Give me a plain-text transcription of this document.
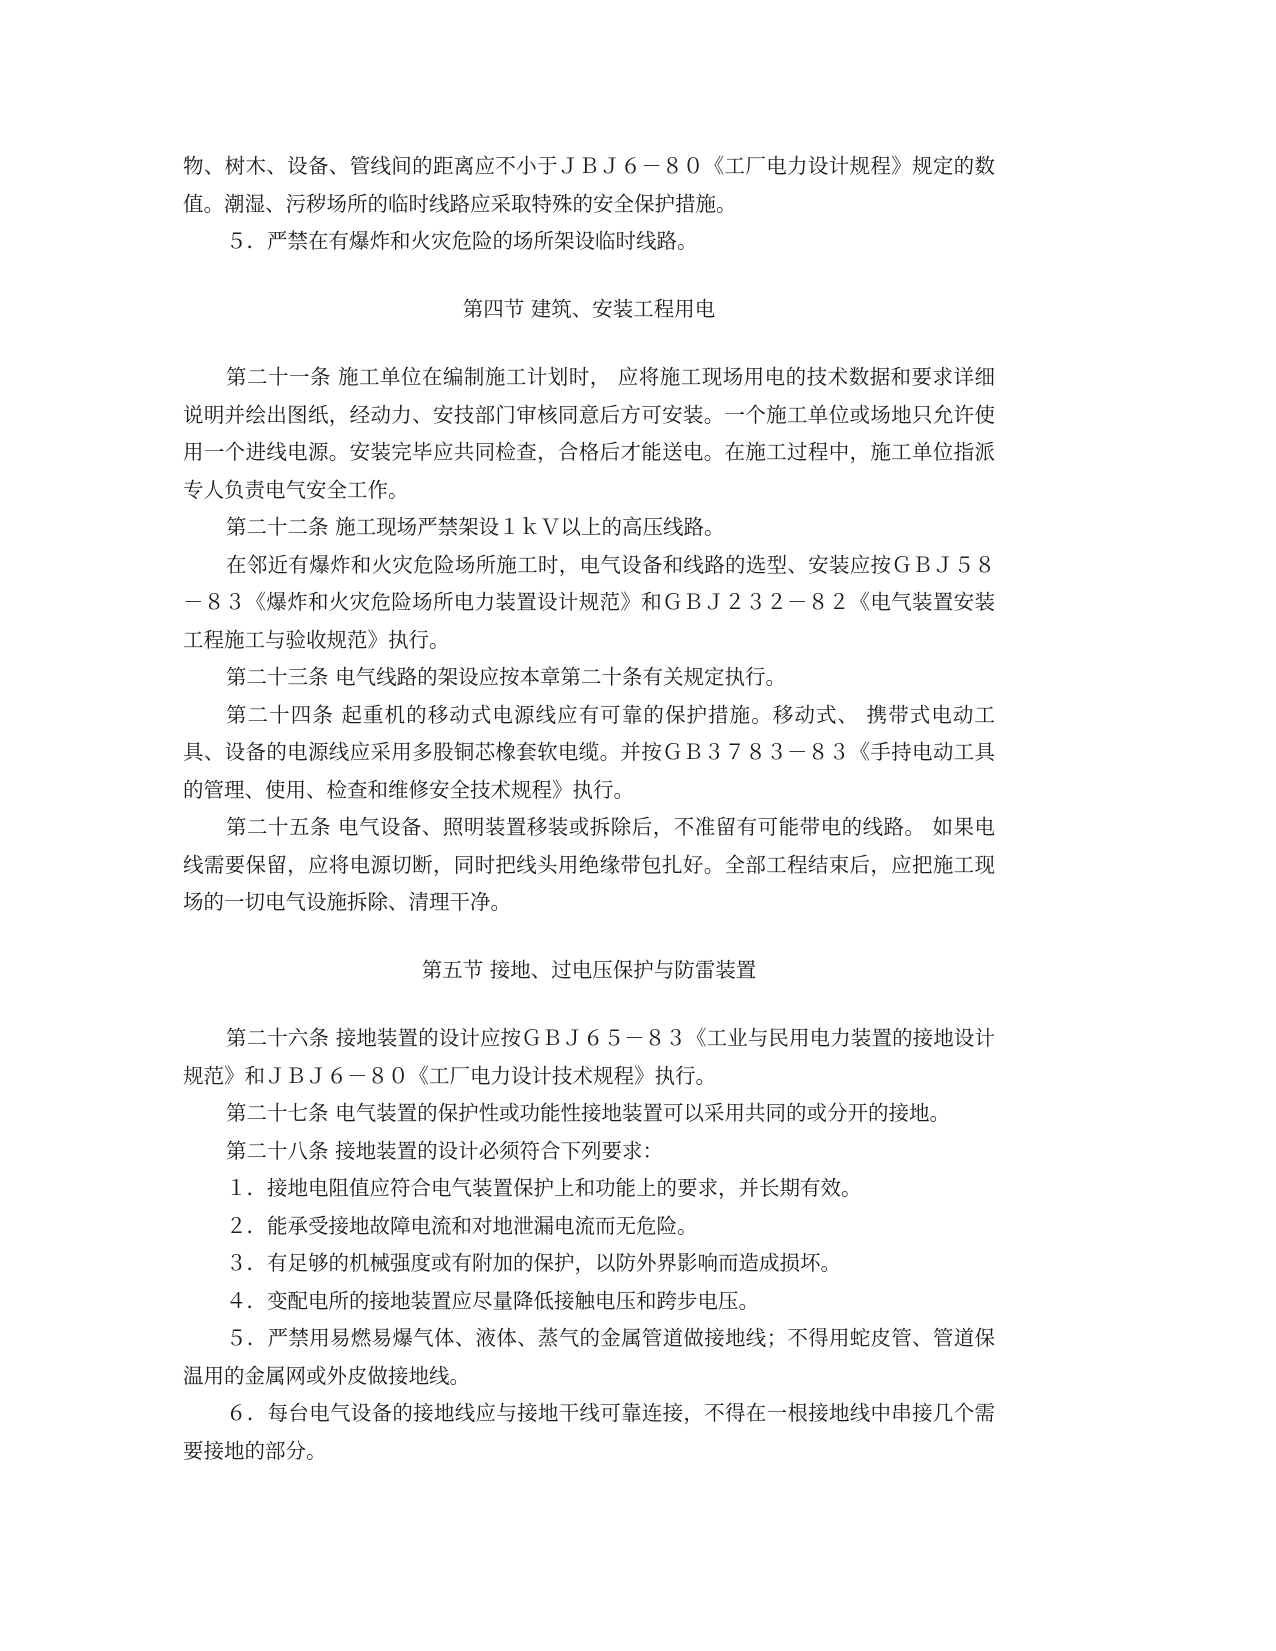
物、树木、设备、管线间的距离应不小于ＪＢＪ６－８０《工厂电力设计规程》规定的数值。潮湿、污秽场所的临时线路应采取特殊的安全保护措施。

５．严禁在有爆炸和火灾危险的场所架设临时线路。

第四节 建筑、安装工程用电

第二十一条 施工单位在编制施工计划时， 应将施工现场用电的技术数据和要求详细说明并绘出图纸，经动力、安技部门审核同意后方可安装。一个施工单位或场地只允许使用一个进线电源。安装完毕应共同检查，合格后才能送电。在施工过程中，施工单位指派专人负责电气安全工作。

第二十二条 施工现场严禁架设１ｋＶ以上的高压线路。

在邻近有爆炸和火灾危险场所施工时，电气设备和线路的选型、安装应按ＧＢＪ５８－８３《爆炸和火灾危险场所电力装置设计规范》和ＧＢＪ２３２－８２《电气装置安装工程施工与验收规范》执行。

第二十三条 电气线路的架设应按本章第二十条有关规定执行。

第二十四条 起重机的移动式电源线应有可靠的保护措施。移动式、 携带式电动工具、设备的电源线应采用多股铜芯橡套软电缆。并按ＧＢ３７８３－８３《手持电动工具的管理、使用、检查和维修安全技术规程》执行。

第二十五条 电气设备、照明装置移装或拆除后，不准留有可能带电的线路。 如果电线需要保留，应将电源切断，同时把线头用绝缘带包扎好。全部工程结束后，应把施工现场的一切电气设施拆除、清理干净。

第五节 接地、过电压保护与防雷装置

第二十六条 接地装置的设计应按ＧＢＪ６５－８３《工业与民用电力装置的接地设计规范》和ＪＢＪ６－８０《工厂电力设计技术规程》执行。

第二十七条 电气装置的保护性或功能性接地装置可以采用共同的或分开的接地。

第二十八条 接地装置的设计必须符合下列要求：

１．接地电阻值应符合电气装置保护上和功能上的要求，并长期有效。

２．能承受接地故障电流和对地泄漏电流而无危险。

３．有足够的机械强度或有附加的保护，以防外界影响而造成损坏。

４．变配电所的接地装置应尽量降低接触电压和跨步电压。

５．严禁用易燃易爆气体、液体、蒸气的金属管道做接地线；不得用蛇皮管、管道保温用的金属网或外皮做接地线。

６．每台电气设备的接地线应与接地干线可靠连接，不得在一根接地线中串接几个需要接地的部分。
